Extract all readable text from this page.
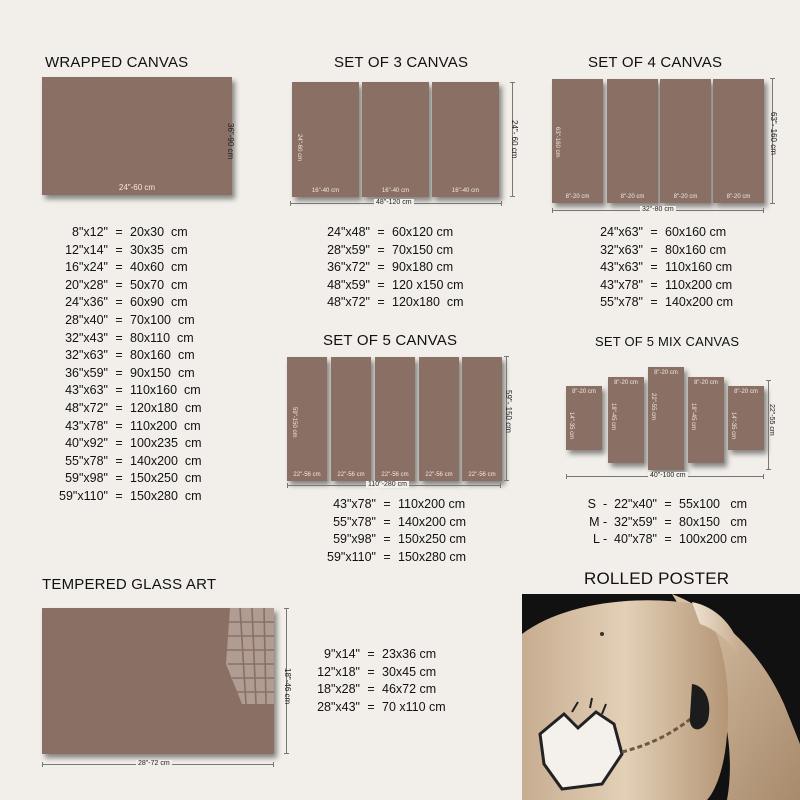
WRAPPED CANVAS
24"-60 cm
36"-90 cm
8"x12" = 20x30  cm
12"x14" = 30x35  cm
16"x24" = 40x60  cm
20"x28" = 50x70  cm
24"x36" = 60x90  cm
28"x40" = 70x100  cm
32"x43" = 80x110  cm
32"x63" = 80x160  cm
36"x59" = 90x150  cm
43"x63" = 110x160  cm
48"x72" = 120x180  cm
43"x78" = 110x200  cm
40"x92" = 100x235  cm
55"x78" = 140x200  cm
59"x98" = 150x250  cm
59"x110" = 150x280  cm
SET OF 3 CANVAS
16"-40 cm
24"-60 cm
16"-40 cm	16"-40 cm
48"-120 cm
24"- 60 cm
24"x48" = 60x120 cm
28"x59" = 70x150 cm
36"x72" = 90x180 cm
48"x59" = 120 x150 cm
48"x72" = 120x180  cm
SET OF 4 CANVAS
8"-20 cm
63"-160 cm
8"-20 cm	8"-20 cm	8"-20 cm
32"-80 cm
63"- 160 cm
24"x63" = 60x160 cm
32"x63" = 80x160 cm
43"x63" = 110x160 cm
43"x78" = 110x200 cm
55"x78" = 140x200 cm
SET OF 5 CANVAS
22"-56 cm
59"-150 cm
22"-56 cm	22"-56 cm	22"-56 cm	22"-56 cm
110"-280 cm
59"- 150 cm
43"x78" = 110x200 cm
55"x78" = 140x200 cm
59"x98" = 150x250 cm
59"x110" = 150x280 cm
SET OF 5 MIX CANVAS
8"-20 cm
14"-35 cm
8"-20 cm
18"-45 cm
8"-20 cm
22"-55 cm
8"-20 cm
18"-45 cm
8"-20 cm
14"-35 cm
40"-100 cm
22"-55 cm
S  -  22"x40" = 55x100   cm
M -  32"x59" = 80x150   cm
L -  40"x78" = 100x200 cm
TEMPERED GLASS ART
28"-72 cm
18"-46 cm
9"x14" = 23x36 cm
12"x18" = 30x45 cm
18"x28" = 46x72 cm
28"x43" = 70 x110 cm
ROLLED POSTER
